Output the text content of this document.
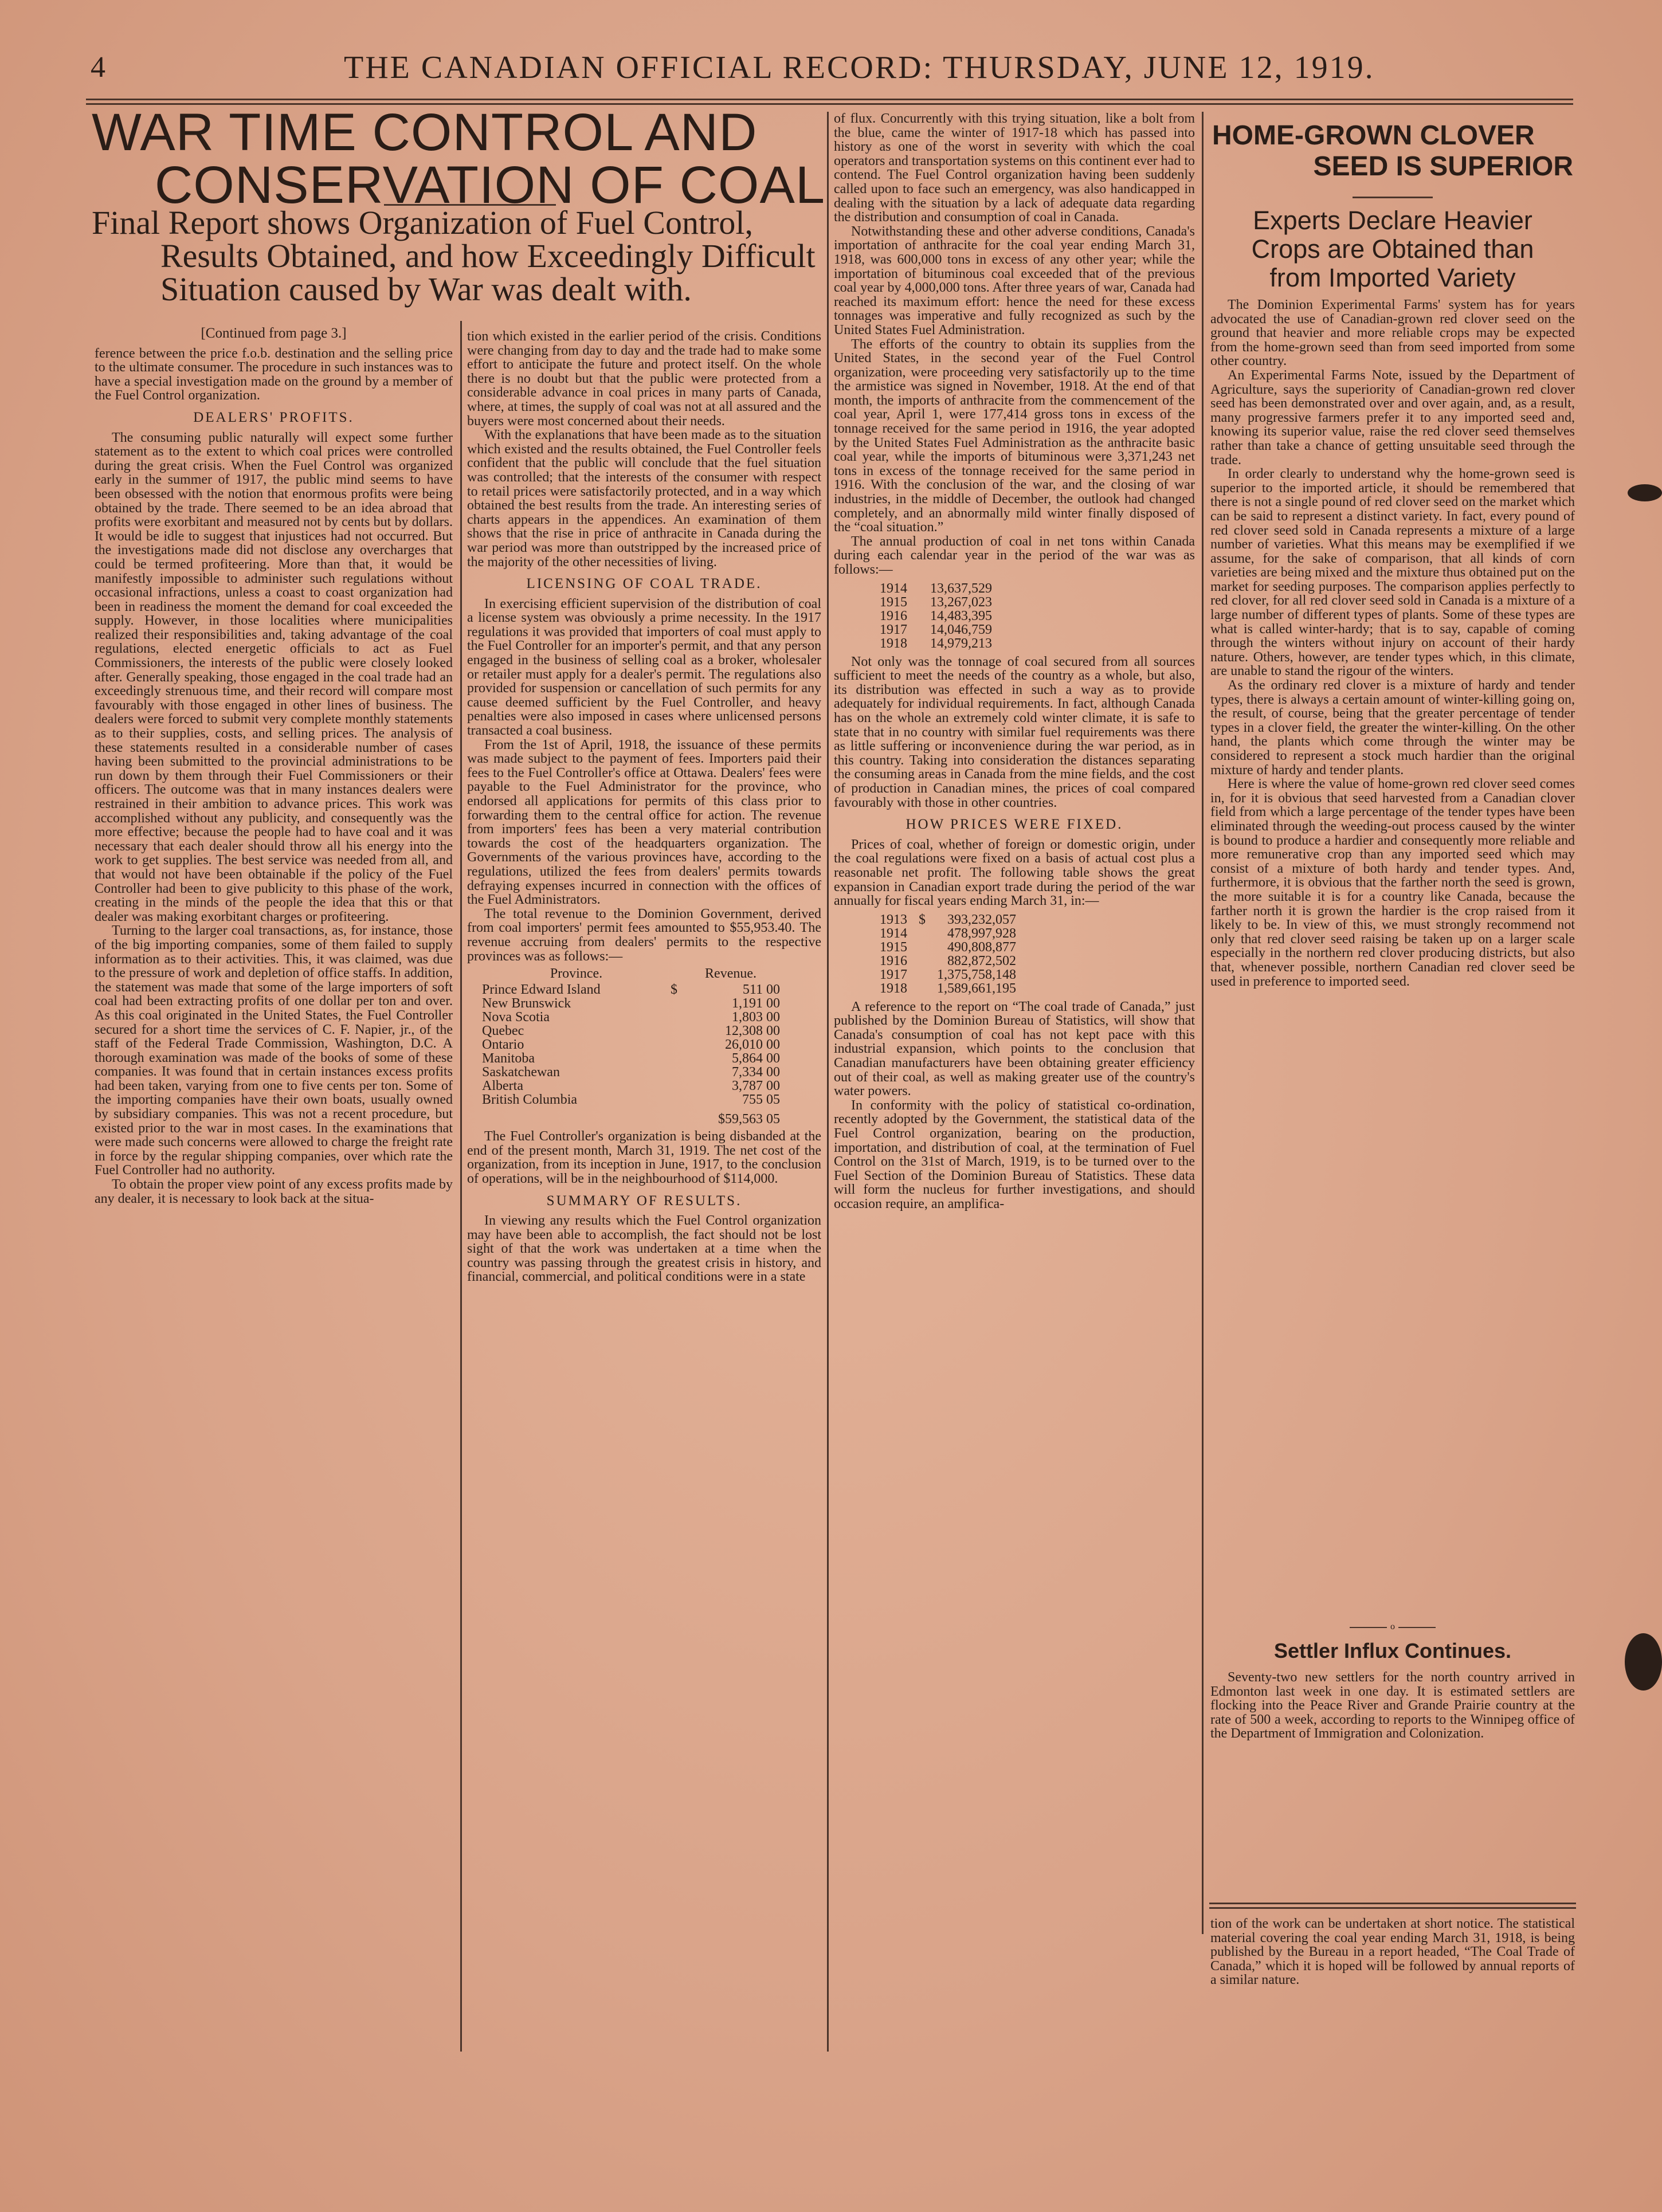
4	THE CANADIAN OFFICIAL RECORD: THURSDAY, JUNE 12, 1919.
WAR TIME CONTROL AND
CONSERVATION OF COAL
Final Report shows Organization of Fuel Control,
Results Obtained, and how Exceedingly Difficult
Situation caused by War was dealt with.
[Continued from page 3.]

ference between the price f.o.b. destination and the selling price to the ultimate consumer. The procedure in such instances was to have a special investigation made on the ground by a member of the Fuel Control organization.

DEALERS' PROFITS.

The consuming public naturally will expect some further statement as to the extent to which coal prices were controlled during the great crisis. When the Fuel Control was organized early in the summer of 1917, the public mind seems to have been obsessed with the notion that enormous profits were being obtained by the trade. There seemed to be an idea abroad that profits were exorbitant and measured not by cents but by dollars. It would be idle to suggest that injustices had not occurred. But the investigations made did not disclose any overcharges that could be termed profiteering. More than that, it would be manifestly impossible to administer such regulations without occasional infractions, unless a coast to coast organization had been in readiness the moment the demand for coal exceeded the supply. However, in those localities where municipalities realized their responsibilities and, taking advantage of the coal regulations, elected energetic officials to act as Fuel Commissioners, the interests of the public were closely looked after. Generally speaking, those engaged in the coal trade had an exceedingly strenuous time, and their record will compare most favourably with those engaged in other lines of business. The dealers were forced to submit very complete monthly statements as to their supplies, costs, and selling prices. The analysis of these statements resulted in a considerable number of cases having been submitted to the provincial administrations to be run down by them through their Fuel Commissioners or their officers. The outcome was that in many instances dealers were restrained in their ambition to advance prices. This work was accomplished without any publicity, and consequently was the more effective; because the people had to have coal and it was necessary that each dealer should throw all his energy into the work to get supplies. The best service was needed from all, and that would not have been obtainable if the policy of the Fuel Controller had been to give publicity to this phase of the work, creating in the minds of the people the idea that this or that dealer was making exorbitant charges or profiteering.

Turning to the larger coal transactions, as, for instance, those of the big importing companies, some of them failed to supply information as to their activities. This, it was claimed, was due to the pressure of work and depletion of office staffs. In addition, the statement was made that some of the large importers of soft coal had been extracting profits of one dollar per ton and over. As this coal originated in the United States, the Fuel Controller secured for a short time the services of C. F. Napier, jr., of the staff of the Federal Trade Commission, Washington, D.C. A thorough examination was made of the books of some of these companies. It was found that in certain instances excess profits had been taken, varying from one to five cents per ton. Some of the importing companies have their own boats, usually owned by subsidiary companies. This was not a recent procedure, but existed prior to the war in most cases. In the examinations that were made such concerns were allowed to charge the freight rate in force by the regular shipping companies, over which rate the Fuel Controller had no authority.

To obtain the proper view point of any excess profits made by any dealer, it is necessary to look back at the situa-

tion which existed in the earlier period of the crisis. Conditions were changing from day to day and the trade had to make some effort to anticipate the future and protect itself. On the whole there is no doubt but that the public were protected from a considerable advance in coal prices in many parts of Canada, where, at times, the supply of coal was not at all assured and the buyers were most concerned about their needs.

With the explanations that have been made as to the situation which existed and the results obtained, the Fuel Controller feels confident that the public will conclude that the fuel situation was controlled; that the interests of the consumer with respect to retail prices were satisfactorily protected, and in a way which obtained the best results from the trade. An interesting series of charts appears in the appendices. An examination of them shows that the rise in price of anthracite in Canada during the war period was more than outstripped by the increased price of the majority of the other necessities of living.

LICENSING OF COAL TRADE.

In exercising efficient supervision of the distribution of coal a license system was obviously a prime necessity. In the 1917 regulations it was provided that importers of coal must apply to the Fuel Controller for an importer's permit, and that any person engaged in the business of selling coal as a broker, wholesaler or retailer must apply for a dealer's permit. The regulations also provided for suspension or cancellation of such permits for any cause deemed sufficient by the Fuel Controller, and heavy penalties were also imposed in cases where unlicensed persons transacted a coal business.

From the 1st of April, 1918, the issuance of these permits was made subject to the payment of fees. Importers paid their fees to the Fuel Controller's office at Ottawa. Dealers' fees were payable to the Fuel Administrator for the province, who endorsed all applications for permits of this class prior to forwarding them to the central office for action. The revenue from importers' fees has been a very material contribution towards the cost of the headquarters organization. The Governments of the various provinces have, according to the regulations, utilized the fees from dealers' permits towards defraying expenses incurred in connection with the offices of the Fuel Administrators.

The total revenue to the Dominion Government, derived from coal importers' permit fees amounted to $55,953.40. The revenue accruing from dealers' permits to the respective provinces was as follows:—

Province.		Revenue.
Prince Edward Island	$	511 00
New Brunswick		1,191 00
Nova Scotia		1,803 00
Quebec		12,308 00
Ontario		26,010 00
Manitoba		5,864 00
Saskatchewan		7,334 00
Alberta		3,787 00
British Columbia		755 05
		$59,563 05

The Fuel Controller's organization is being disbanded at the end of the present month, March 31, 1919. The net cost of the organization, from its inception in June, 1917, to the conclusion of operations, will be in the neighbourhood of $114,000.

SUMMARY OF RESULTS.

In viewing any results which the Fuel Control organization may have been able to accomplish, the fact should not be lost sight of that the work was undertaken at a time when the country was passing through the greatest crisis in history, and financial, commercial, and political conditions were in a state

of flux. Concurrently with this trying situation, like a bolt from the blue, came the winter of 1917-18 which has passed into history as one of the worst in severity with which the coal operators and transportation systems on this continent ever had to contend. The Fuel Control organization having been suddenly called upon to face such an emergency, was also handicapped in dealing with the situation by a lack of adequate data regarding the distribution and consumption of coal in Canada.

Notwithstanding these and other adverse conditions, Canada's importation of anthracite for the coal year ending March 31, 1918, was 600,000 tons in excess of any other year; while the importation of bituminous coal exceeded that of the previous coal year by 4,000,000 tons. After three years of war, Canada had reached its maximum effort: hence the need for these excess tonnages was imperative and fully recognized as such by the United States Fuel Administration.

The efforts of the country to obtain its supplies from the United States, in the second year of the Fuel Control organization, were proceeding very satisfactorily up to the time the armistice was signed in November, 1918. At the end of that month, the imports of anthracite from the commencement of the coal year, April 1, were 177,414 gross tons in excess of the tonnage received for the same period in 1916, the year adopted by the United States Fuel Administration as the anthracite basic coal year, while the imports of bituminous were 3,371,243 net tons in excess of the tonnage received for the same period in 1916. With the conclusion of the war, and the closing of war industries, in the middle of December, the outlook had changed completely, and an abnormally mild winter finally disposed of the “coal situation.”

The annual production of coal in net tons within Canada during each calendar year in the period of the war was as follows:—

1914	13,637,529
1915	13,267,023
1916	14,483,395
1917	14,046,759
1918	14,979,213

Not only was the tonnage of coal secured from all sources sufficient to meet the needs of the country as a whole, but also, its distribution was effected in such a way as to provide adequately for individual requirements. In fact, although Canada has on the whole an extremely cold winter climate, it is safe to state that in no country with similar fuel requirements was there as little suffering or inconvenience during the war period, as in this country. Taking into consideration the distances separating the consuming areas in Canada from the mine fields, and the cost of production in Canadian mines, the prices of coal compared favourably with those in other countries.

HOW PRICES WERE FIXED.

Prices of coal, whether of foreign or domestic origin, under the coal regulations were fixed on a basis of actual cost plus a reasonable net profit. The following table shows the great expansion in Canadian export trade during the period of the war annually for fiscal years ending March 31, in:—

1913	$	393,232,057
1914		478,997,928
1915		490,808,877
1916		882,872,502
1917		1,375,758,148
1918		1,589,661,195

A reference to the report on “The coal trade of Canada,” just published by the Dominion Bureau of Statistics, will show that Canada's consumption of coal has not kept pace with this industrial expansion, which points to the conclusion that Canadian manufacturers have been obtaining greater efficiency out of their coal, as well as making greater use of the country's water powers.

In conformity with the policy of statistical co-ordination, recently adopted by the Government, the statistical data of the Fuel Control organization, bearing on the production, importation, and distribution of coal, at the termination of Fuel Control on the 31st of March, 1919, is to be turned over to the Fuel Section of the Dominion Bureau of Statistics. These data will form the nucleus for further investigations, and should occasion require, an amplifica-

HOME-GROWN CLOVER
SEED IS SUPERIOR
Experts Declare Heavier
Crops are Obtained than
from Imported Variety

The Dominion Experimental Farms' system has for years advocated the use of Canadian-grown red clover seed on the ground that heavier and more reliable crops may be expected from the home-grown seed than from seed imported from some other country.

An Experimental Farms Note, issued by the Department of Agriculture, says the superiority of Canadian-grown red clover seed has been demonstrated over and over again, and, as a result, many progressive farmers prefer it to any imported seed and, knowing its superior value, raise the red clover seed themselves rather than take a chance of getting unsuitable seed through the trade.

In order clearly to understand why the home-grown seed is superior to the imported article, it should be remembered that there is not a single pound of red clover seed on the market which can be said to represent a distinct variety. In fact, every pound of red clover seed sold in Canada represents a mixture of a large number of varieties. What this means may be exemplified if we assume, for the sake of comparison, that all kinds of corn varieties are being mixed and the mixture thus obtained put on the market for seeding purposes. The comparison applies perfectly to red clover, for all red clover seed sold in Canada is a mixture of a large number of different types of plants. Some of these types are what is called winter-hardy; that is to say, capable of coming through the winters without injury on account of their hardy nature. Others, however, are tender types which, in this climate, are unable to stand the rigour of the winters.

As the ordinary red clover is a mixture of hardy and tender types, there is always a certain amount of winter-killing going on, the result, of course, being that the greater percentage of tender types in a clover field, the greater the winter-killing. On the other hand, the plants which come through the winter may be considered to represent a stock much hardier than the original mixture of hardy and tender plants.

Here is where the value of home-grown red clover seed comes in, for it is obvious that seed harvested from a Canadian clover field from which a large percentage of the tender types have been eliminated through the weeding-out process caused by the winter is bound to produce a hardier and consequently more reliable and more remunerative crop than any imported seed which may consist of a mixture of both hardy and tender types. And, furthermore, it is obvious that the farther north the seed is grown, the more suitable it is for a country like Canada, because the farther north it is grown the hardier is the crop raised from it likely to be. In view of this, we must strongly recommend not only that red clover seed raising be taken up on a larger scale especially in the northern red clover producing districts, but also that, whenever possible, northern Canadian red clover seed be used in preference to imported seed.

o
Settler Influx Continues.

Seventy-two new settlers for the north country arrived in Edmonton last week in one day. It is estimated settlers are flocking into the Peace River and Grande Prairie country at the rate of 500 a week, according to reports to the Winnipeg office of the Department of Immigration and Colonization.

tion of the work can be undertaken at short notice. The statistical material covering the coal year ending March 31, 1918, is being published by the Bureau in a report headed, “The Coal Trade of Canada,” which it is hoped will be followed by annual reports of a similar nature.
